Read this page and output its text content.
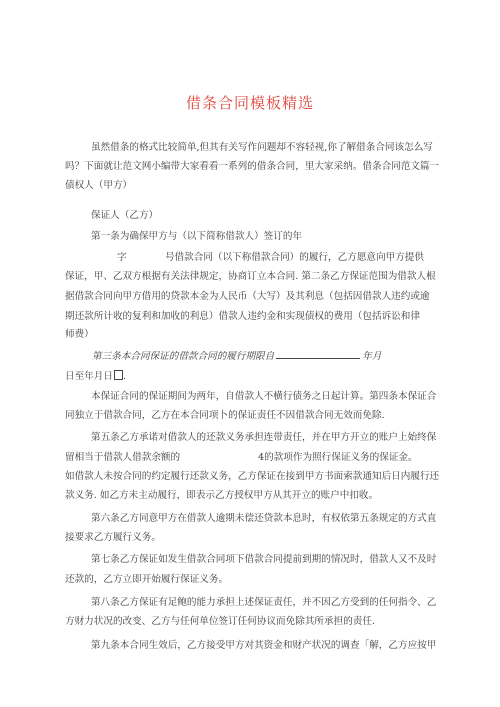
借条合同模板精选
虽然借条的格式比较简单,但其有关写作问题却不容轻视,你了解借条合同该怎么写
吗？下面就让范文网小编带大家看看一系列的借条合同，里大家采纳。借条合同范文篇一
债权人（甲方）
保证人（乙方）
第一条为确保甲方与（以下简称借款人）签订的年
字　　　　号借款合同（以下称借款合同）的履行，乙方愿意向甲方提供
保证，甲、乙双方根据有关法律规定，协商订立本合同. 第二条乙方保证范围为借款人根
据借款合同向甲方借用的贷款本金为人民币（大写）及其利息（包括因借款人违约或逾
期还款所计收的复利和加收的利息）借款人违约金和实现债权的费用（包括诉讼和律
师费）
第三条本合同保证的借款合同的履行期限自	年月
日至年月日 .
本保证合同的保证期间为两年，自借款人不横行债务之日起计算。第四条本保证合
同独立于借款合同，乙方在本合同项卜的保证责任不因借款合同无效而免除.
第五条乙方承诺对借款人的还款义务承担连带责任，并在甲方开立的账户上始终保
留相当于借款人借款余额的	4的款项作为照行保证义务的保证金。
如借款人未按合同的约定履行还款义务，乙方保证在接到甲方书面索款通知后日内履行还
款义务. 如乙方未主动履行，即表示乙方授权甲方从其开立的账户中扣收。
第六条乙方同意甲方在借款人逾期未偿还贷款本息时，有权依第五条规定的方式直
接要求乙方履行义务。
第七条乙方保证如发生借款合同项下借款合同提前到期的情况时，借款人又不及时
还款的，乙方立即开始履行保证义务。
第八条乙方保证有足鲍的能力承担上述保证责任，并不因乙方受到的任何指令、乙
方财力状况的改变、乙方与任何单位签订任何协议而免除其所承担的责任.
第九条本合同生效后，乙方接受甲方对其资金和财产状况的调查「解，乙方应按甲
